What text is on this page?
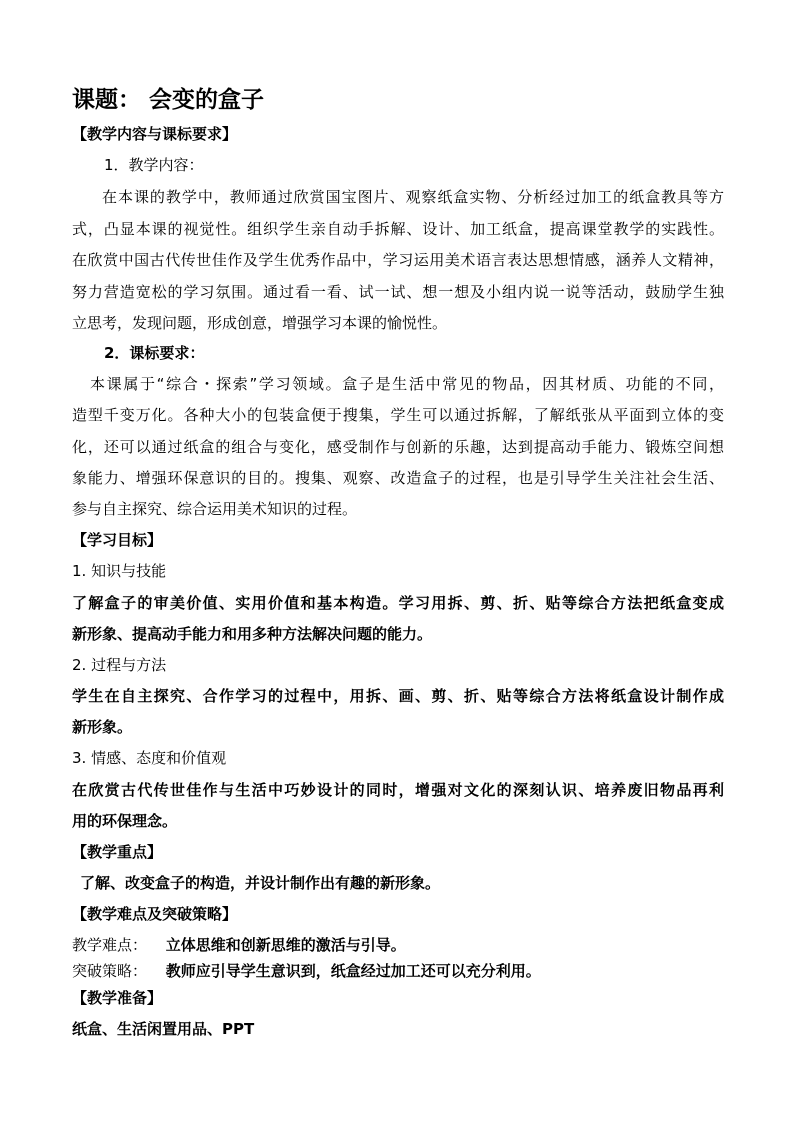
课题： 会变的盒子
【教学内容与课标要求】
1．教学内容：
在本课的教学中，教师通过欣赏国宝图片、观察纸盒实物、分析经过加工的纸盒教具等方
式，凸显本课的视觉性。组织学生亲自动手拆解、设计、加工纸盒，提高课堂教学的实践性。
在欣赏中国古代传世佳作及学生优秀作品中，学习运用美术语言表达思想情感，涵养人文精神，
努力营造宽松的学习氛围。通过看一看、试一试、想一想及小组内说一说等活动，鼓励学生独
立思考，发现问题，形成创意，增强学习本课的愉悦性。
2．课标要求：
本课属于“综合・探索”学习领域。盒子是生活中常见的物品，因其材质、功能的不同，
造型千变万化。各种大小的包装盒便于搜集，学生可以通过拆解，了解纸张从平面到立体的变
化，还可以通过纸盒的组合与变化，感受制作与创新的乐趣，达到提高动手能力、锻炼空间想
象能力、增强环保意识的目的。搜集、观察、改造盒子的过程，也是引导学生关注社会生活、
参与自主探究、综合运用美术知识的过程。
【学习目标】
1. 知识与技能
了解盒子的审美价值、实用价值和基本构造。学习用拆、剪、折、贴等综合方法把纸盒变成
新形象、提高动手能力和用多种方法解决问题的能力。
2. 过程与方法
学生在自主探究、合作学习的过程中，用拆、画、剪、折、贴等综合方法将纸盒设计制作成
新形象。
3. 情感、态度和价值观
在欣赏古代传世佳作与生活中巧妙设计的同时，增强对文化的深刻认识、培养废旧物品再利
用的环保理念。
【教学重点】
了解、改变盒子的构造，并设计制作出有趣的新形象。
【教学难点及突破策略】
教学难点： 立体思维和创新思维的激活与引导。
突破策略： 教师应引导学生意识到，纸盒经过加工还可以充分利用。
【教学准备】
纸盒、生活闲置用品、PPT
